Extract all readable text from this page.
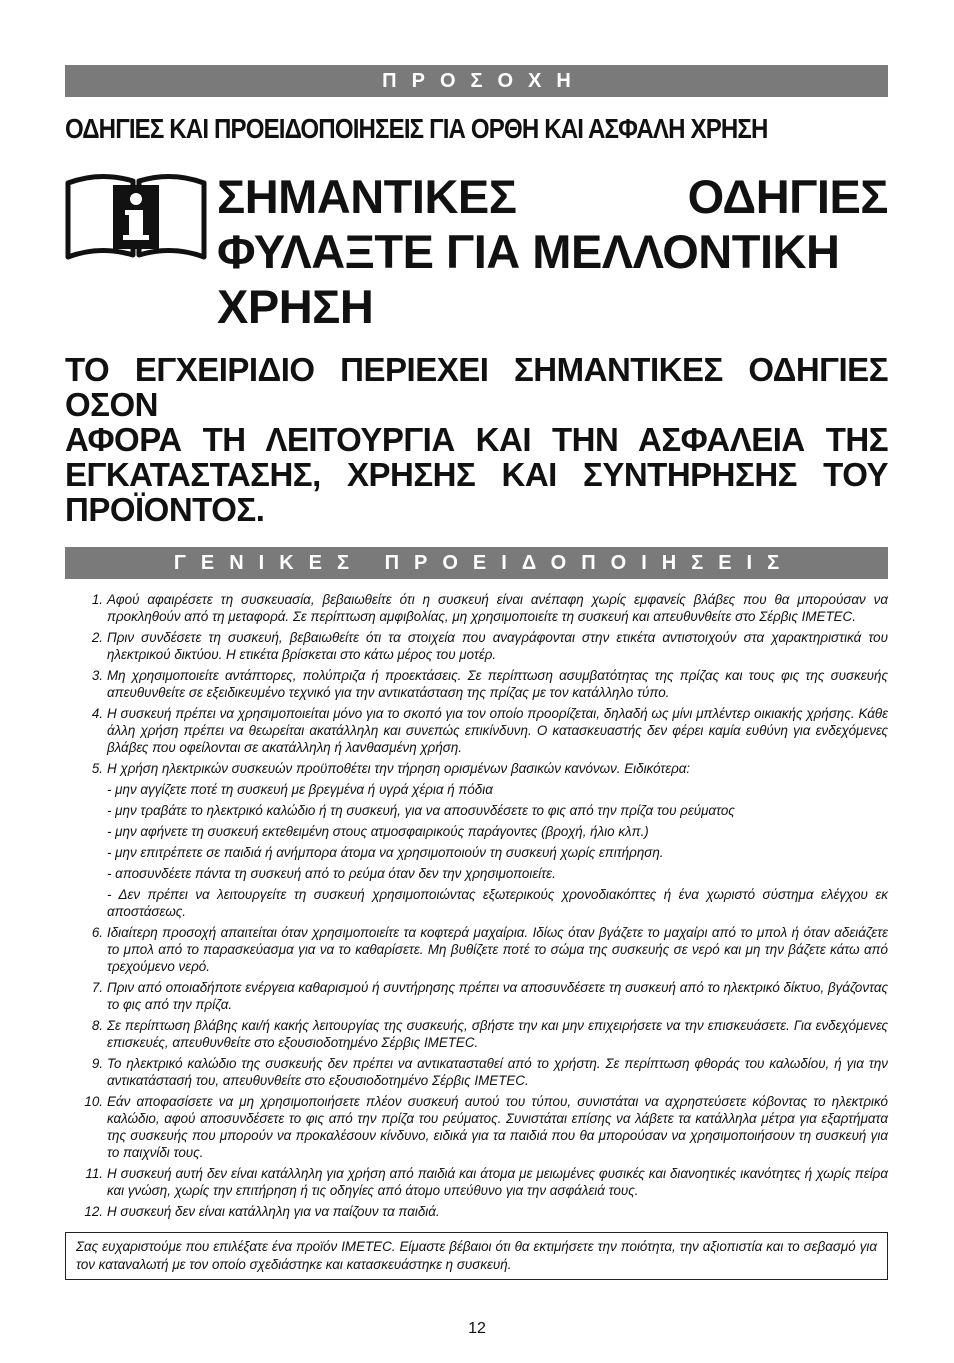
ΠΡΟΣΟΧΗ
ΟΔΗΓΙΕΣ ΚΑΙ ΠΡΟΕΙΔΟΠΟΙΗΣΕΙΣ ΓΙΑ ΟΡΘΗ ΚΑΙ ΑΣΦΑΛΗ ΧΡΗΣΗ
ΣΗΜΑΝΤΙΚΕΣ ΟΔΗΓΙΕΣ
ΦΥΛΑΞΤΕ ΓΙΑ ΜΕΛΛΟΝΤΙΚΗ
ΧΡΗΣΗ
ΤΟ ΕΓΧΕΙΡΙΔΙΟ ΠΕΡΙΕΧΕΙ ΣΗΜΑΝΤΙΚΕΣ ΟΔΗΓΙΕΣ ΟΣΟΝ
ΑΦΟΡΑ ΤΗ ΛΕΙΤΟΥΡΓΙΑ ΚΑΙ ΤΗΝ ΑΣΦΑΛΕΙΑ ΤΗΣ
ΕΓΚΑΤΑΣΤΑΣΗΣ, ΧΡΗΣΗΣ ΚΑΙ ΣΥΝΤΗΡΗΣΗΣ ΤΟΥ
ΠΡΟΪΟΝΤΟΣ.
ΓΕΝΙΚΕΣ ΠΡΟΕΙΔΟΠΟΙΗΣΕΙΣ
1. Αφού αφαιρέσετε τη συσκευασία, βεβαιωθείτε ότι η συσκευή είναι ανέπαφη χωρίς εμφανείς βλάβες που θα μπορούσαν να προκληθούν από τη μεταφορά. Σε περίπτωση αμφιβολίας, μη χρησιμοποιείτε τη συσκευή και απευθυνθείτε στο Σέρβις IMETEC.
2. Πριν συνδέσετε τη συσκευή, βεβαιωθείτε ότι τα στοιχεία που αναγράφονται στην ετικέτα αντιστοιχούν στα χαρακτηριστικά του ηλεκτρικού δικτύου. Η ετικέτα βρίσκεται στο κάτω μέρος του μοτέρ.
3. Μη χρησιμοποιείτε αντάπτορες, πολύπριζα ή προεκτάσεις. Σε περίπτωση ασυμβατότητας της πρίζας και τους φις της συσκευής απευθυνθείτε σε εξειδικευμένο τεχνικό για την αντικατάσταση της πρίζας με τον κατάλληλο τύπο.
4. Η συσκευή πρέπει να χρησιμοποιείται μόνο για το σκοπό για τον οποίο προορίζεται, δηλαδή ως μίνι μπλέντερ οικιακής χρήσης. Κάθε άλλη χρήση πρέπει να θεωρείται ακατάλληλη και συνεπώς επικίνδυνη. Ο κατασκευαστής δεν φέρει καμία ευθύνη για ενδεχόμενες βλάβες που οφείλονται σε ακατάλληλη ή λανθασμένη χρήση.
5. Η χρήση ηλεκτρικών συσκευών προϋποθέτει την τήρηση ορισμένων βασικών κανόνων. Ειδικότερα:
- μην αγγίζετε ποτέ τη συσκευή με βρεγμένα ή υγρά χέρια ή πόδια
- μην τραβάτε το ηλεκτρικό καλώδιο ή τη συσκευή, για να αποσυνδέσετε το φις από την πρίζα του ρεύματος
- μην αφήνετε τη συσκευή εκτεθειμένη στους ατμοσφαιρικούς παράγοντες (βροχή, ήλιο κλπ.)
- μην επιτρέπετε σε παιδιά ή ανήμπορα άτομα να χρησιμοποιούν τη συσκευή χωρίς επιτήρηση.
- αποσυνδέετε πάντα τη συσκευή από το ρεύμα όταν δεν την χρησιμοποιείτε.
- Δεν πρέπει να λειτουργείτε τη συσκευή χρησιμοποιώντας εξωτερικούς χρονοδιακόπτες ή ένα χωριστό σύστημα ελέγχου εκ αποστάσεως.
6. Ιδιαίτερη προσοχή απαιτείται όταν χρησιμοποιείτε τα κοφτερά μαχαίρια. Ιδίως όταν βγάζετε το μαχαίρι από το μπολ ή όταν αδειάζετε το μπολ από το παρασκεύασμα για να το καθαρίσετε. Μη βυθίζετε ποτέ το σώμα της συσκευής σε νερό και μη την βάζετε κάτω από τρεχούμενο νερό.
7. Πριν από οποιαδήποτε ενέργεια καθαρισμού ή συντήρησης πρέπει να αποσυνδέσετε τη συσκευή από το ηλεκτρικό δίκτυο, βγάζοντας το φις από την πρίζα.
8. Σε περίπτωση βλάβης και/ή κακής λειτουργίας της συσκευής, σβήστε την και μην επιχειρήσετε να την επισκευάσετε. Για ενδεχόμενες επισκευές, απευθυνθείτε στο εξουσιοδοτημένο Σέρβις IMETEC.
9. Το ηλεκτρικό καλώδιο της συσκευής δεν πρέπει να αντικατασταθεί από το χρήστη. Σε περίπτωση φθοράς του καλωδίου, ή για την αντικατάστασή του, απευθυνθείτε στο εξουσιοδοτημένο Σέρβις IMETEC.
10. Εάν αποφασίσετε να μη χρησιμοποιήσετε πλέον συσκευή αυτού του τύπου, συνιστάται να αχρηστεύσετε κόβοντας το ηλεκτρικό καλώδιο, αφού αποσυνδέσετε το φις από την πρίζα του ρεύματος. Συνιστάται επίσης να λάβετε τα κατάλληλα μέτρα για εξαρτήματα της συσκευής που μπορούν να προκαλέσουν κίνδυνο, ειδικά για τα παιδιά που θα μπορούσαν να χρησιμοποιήσουν τη συσκευή για το παιχνίδι τους.
11. Η συσκευή αυτή δεν είναι κατάλληλη για χρήση από παιδιά και άτομα με μειωμένες φυσικές και διανοητικές ικανότητες ή χωρίς πείρα και γνώση, χωρίς την επιτήρηση ή τις οδηγίες από άτομο υπεύθυνο για την ασφάλειά τους.
12. Η συσκευή δεν είναι κατάλληλη για να παίζουν τα παιδιά.
Σας ευχαριστούμε που επιλέξατε ένα προϊόν IMETEC. Είμαστε βέβαιοι ότι θα εκτιμήσετε την ποιότητα, την αξιοπιστία και το σεβασμό για τον καταναλωτή με τον οποίο σχεδιάστηκε και κατασκευάστηκε η συσκευή.
12
